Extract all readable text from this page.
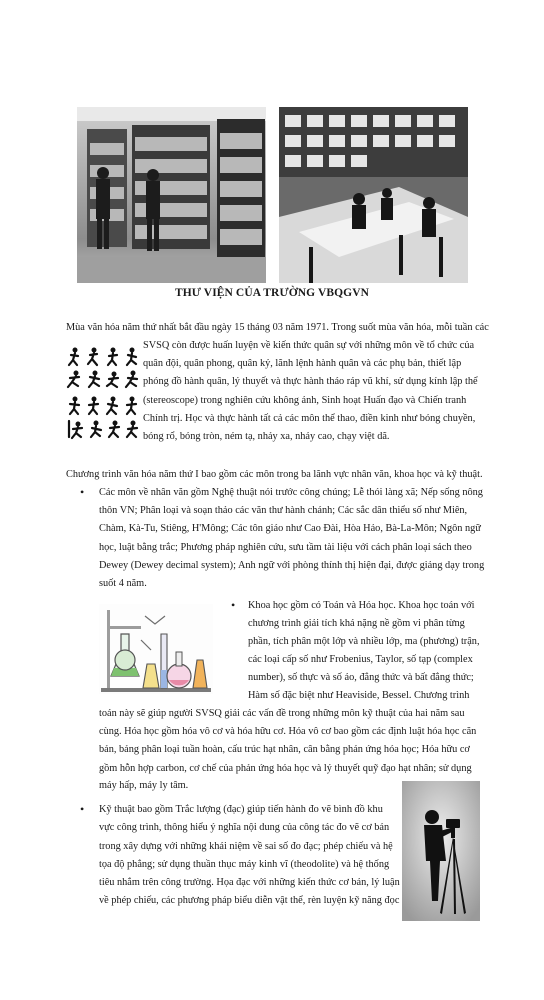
THƯ VIỆN CỦA TRƯỜNG VBQGVN
Mùa văn hóa năm thứ nhất bắt đầu ngày 15 tháng 03 năm 1971. Trong suốt mùa văn hóa, mỗi tuần các
SVSQ còn được huấn luyện về kiến thức quân sự với những môn về tổ chức của
quân đội, quân phong, quân kỷ, lãnh lệnh hành quân và các phụ bản, thiết lập
phóng đồ hành quân, lý thuyết và thực hành tháo ráp vũ khí, sử dụng kính lập thể
(stereoscope) trong nghiên cứu không ảnh, Sinh hoạt Huấn đạo và Chiến tranh
Chính trị. Học và thực hành tất cả các môn thể thao, điền kinh như bóng chuyền,
bóng rổ, bóng tròn, ném tạ, nhảy xa, nhảy cao, chạy việt dã.
Chương trình văn hóa năm thứ I bao gồm các môn trong ba lãnh vực nhân văn, khoa học và kỹ thuật.
• Các môn về nhân văn gồm Nghệ thuật nói trước công chúng; Lễ thói làng xã; Nếp sống nông
thôn VN; Phân loại và soạn thảo các văn thư hành chánh; Các sắc dân thiểu số như Miên,
Chàm, Kà-Tu, Stiêng, H'Mông; Các tôn giáo như Cao Đài, Hòa Hảo, Bà-La-Môn; Ngôn ngữ
học, luật bằng trắc; Phương pháp nghiên cứu, sưu tầm tài liệu với cách phân loại sách theo
Dewey (Dewey decimal system); Anh ngữ với phòng thính thị hiện đại, được giảng dạy trong
suốt 4 năm.
• Khoa học gồm có Toán và Hóa học. Khoa học toán với
chương trình giải tích khá nặng nề gồm vi phân từng
phần, tích phân một lớp và nhiều lớp, ma (phương) trận,
các loại cấp số như Frobenius, Taylor, số tạp (complex
number), số thực và số ảo, đẳng thức và bất đẳng thức;
Hàm số đặc biệt như Heaviside, Bessel. Chương trình
toán này sẽ giúp người SVSQ giải các vấn đề trong những môn kỹ thuật của hai năm sau
cùng. Hóa học gồm hóa vô cơ và hóa hữu cơ. Hóa vô cơ bao gồm các định luật hóa học căn
bản, bảng phân loại tuần hoàn, cấu trúc hạt nhân, cân bằng phản ứng hóa học; Hóa hữu cơ
gồm hỗn hợp carbon, cơ chế của phản ứng hóa học và lý thuyết quỹ đạo hạt nhân; sử dụng
máy hấp, máy ly tâm.
• Kỹ thuật bao gồm Trắc lượng (đạc) giúp tiến hành đo vẽ bình đồ khu
vực công trình, thông hiểu ý nghĩa nội dung của công tác đo vẽ cơ bản
trong xây dựng với những khái niệm về sai số đo đạc; phép chiếu và hệ
tọa độ phẳng; sử dụng thuần thục máy kinh vĩ (theodolite) và hệ thống
tiêu nhắm trên công trường. Họa đạc với những kiến thức cơ bản, lý luận
về phép chiếu, các phương pháp biểu diễn vật thể, rèn luyện kỹ năng đọc
